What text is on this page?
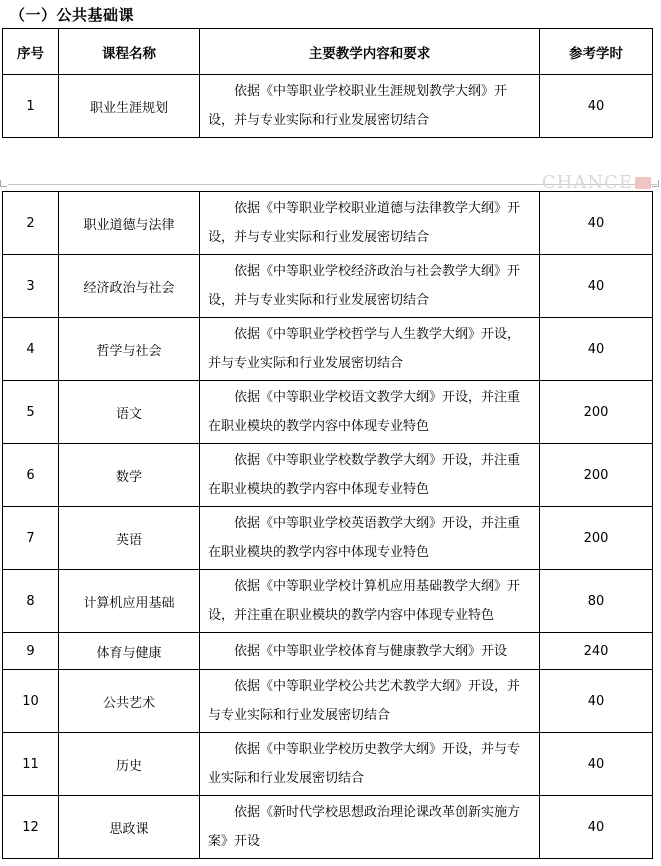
（一）公共基础课
序号	课程名称	主要教学内容和要求	参考学时
1	职业生涯规划	依据《中等职业学校职业生涯规划教学大纲》开设，并与专业实际和行业发展密切结合	40
CHANCE
2	职业道德与法律	依据《中等职业学校职业道德与法律教学大纲》开设，并与专业实际和行业发展密切结合	40
3	经济政治与社会	依据《中等职业学校经济政治与社会教学大纲》开设，并与专业实际和行业发展密切结合	40
4	哲学与社会	依据《中等职业学校哲学与人生教学大纲》开设，并与专业实际和行业发展密切结合	40
5	语文	依据《中等职业学校语文教学大纲》开设，并注重在职业模块的教学内容中体现专业特色	200
6	数学	依据《中等职业学校数学教学大纲》开设，并注重在职业模块的教学内容中体现专业特色	200
7	英语	依据《中等职业学校英语教学大纲》开设，并注重在职业模块的教学内容中体现专业特色	200
8	计算机应用基础	依据《中等职业学校计算机应用基础教学大纲》开设，并注重在职业模块的教学内容中体现专业特色	80
9	体育与健康	依据《中等职业学校体育与健康教学大纲》开设	240
10	公共艺术	依据《中等职业学校公共艺术教学大纲》开设，并与专业实际和行业发展密切结合	40
11	历史	依据《中等职业学校历史教学大纲》开设，并与专业实际和行业发展密切结合	40
12	思政课	依据《新时代学校思想政治理论课改革创新实施方案》开设	40
